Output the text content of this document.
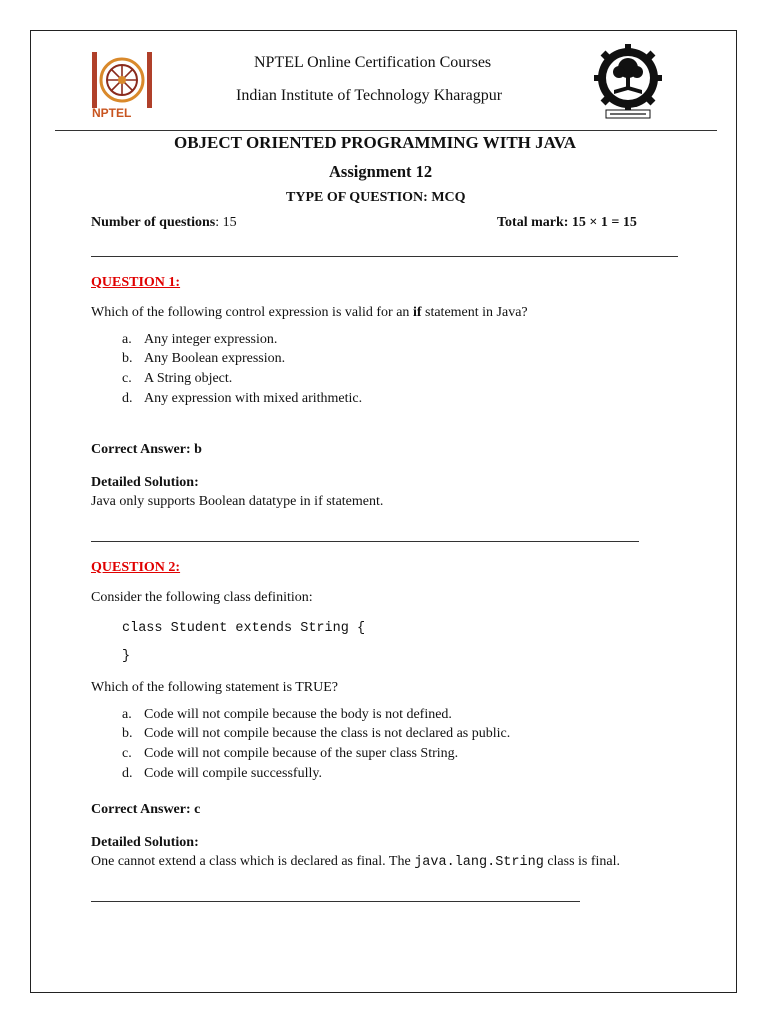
NPTEL
NPTEL Online Certification Courses
Indian Institute of Technology Kharagpur
OBJECT ORIENTED PROGRAMMING WITH JAVA
Assignment 12
TYPE OF QUESTION: MCQ
Number of questions: 15	Total mark: 15 × 1 = 15
QUESTION 1:
Which of the following control expression is valid for an if statement in Java?
a. Any integer expression.
b. Any Boolean expression.
c. A String object.
d. Any expression with mixed arithmetic.
Correct Answer: b
Detailed Solution:
Java only supports Boolean datatype in if statement.
QUESTION 2:
Consider the following class definition:
class Student extends String {
}
Which of the following statement is TRUE?
a. Code will not compile because the body is not defined.
b. Code will not compile because the class is not declared as public.
c. Code will not compile because of the super class String.
d. Code will compile successfully.
Correct Answer: c
Detailed Solution:
One cannot extend a class which is declared as final. The java.lang.String class is final.
